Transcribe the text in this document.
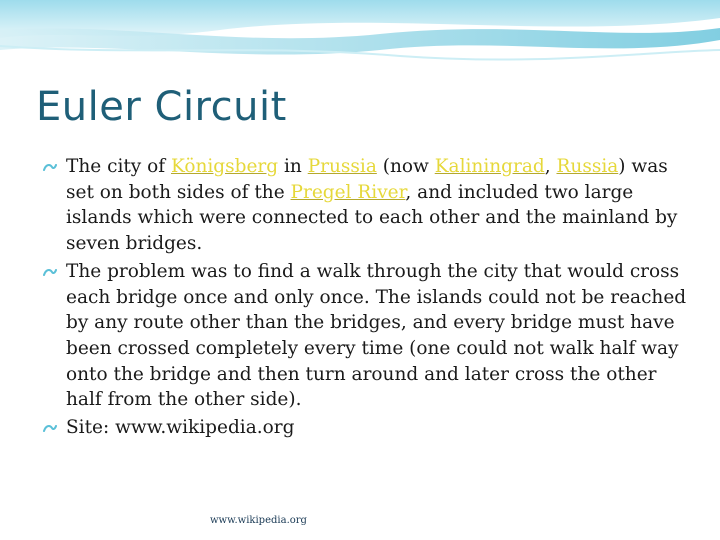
Euler Circuit
The city of Königsberg in Prussia (now Kaliningrad, Russia) was set on both sides of the Pregel River, and included two large islands which were connected to each other and the mainland by seven bridges.
The problem was to find a walk through the city that would cross each bridge once and only once. The islands could not be reached by any route other than the bridges, and every bridge must have been crossed completely every time (one could not walk half way onto the bridge and then turn around and later cross the other half from the other side).
Site: www.wikipedia.org
www.wikipedia.org
